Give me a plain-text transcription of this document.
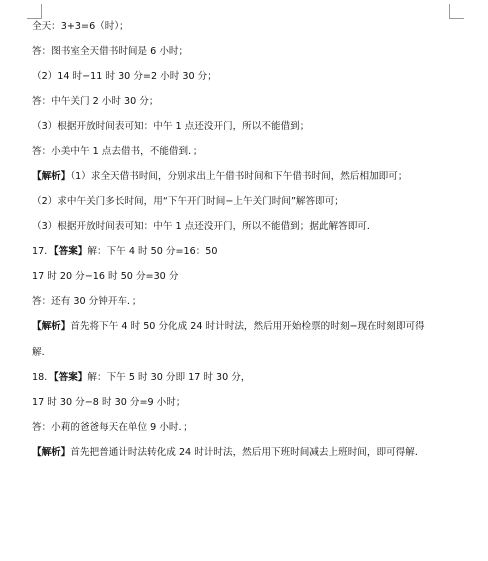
全天：3+3=6（时）；
答：图书室全天借书时间是 6 小时；
（2）14 时−11 时 30 分=2 小时 30 分；
答：中午关门 2 小时 30 分；
（3）根据开放时间表可知：中午 1 点还没开门，所以不能借到；
答：小美中午 1 点去借书，不能借到．；
【解析】（1）求全天借书时间，分别求出上午借书时间和下午借书时间，然后相加即可；
（2）求中午关门多长时间，用“下午开门时间−上午关门时间”解答即可；
（3）根据开放时间表可知：中午 1 点还没开门，所以不能借到；据此解答即可．
17．【答案】解：下午 4 时 50 分=16：50
17 时 20 分−16 时 50 分=30 分
答：还有 30 分钟开车．；
【解析】首先将下午 4 时 50 分化成 24 时计时法，然后用开始检票的时刻−现在时刻即可得
解．
18．【答案】解：下午 5 时 30 分即 17 时 30 分，
17 时 30 分−8 时 30 分=9 小时；
答：小莉的爸爸每天在单位 9 小时．；
【解析】首先把普通计时法转化成 24 时计时法，然后用下班时间减去上班时间，即可得解．
